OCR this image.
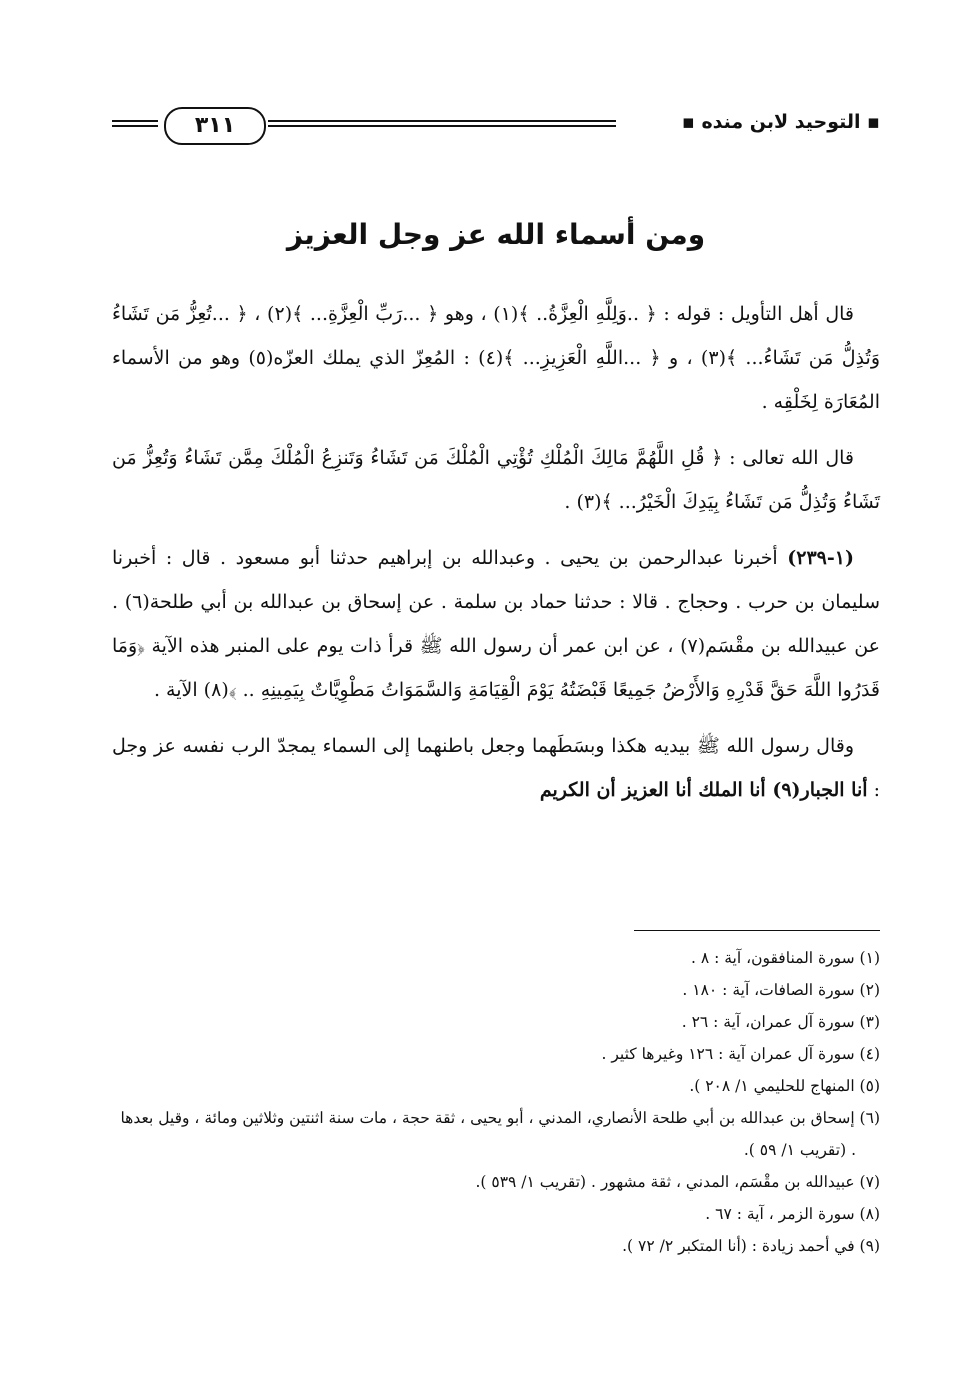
٣١١	▪ التوحيد لابن منده ▪
ومن أسماء الله عز وجل العزيز

قال أهل التأويل : قوله : ﴿ ..وَلِلَّهِ الْعِزَّةُ.. ﴾(١) ، وهو ﴿ ...رَبِّ الْعِزَّةِ... ﴾(٢) ، ﴿ ...تُعِزُّ مَن تَشَاءُ وَتُذِلُّ مَن تَشَاءُ... ﴾(٣) ، و ﴿ ...اللَّهِ الْعَزِيزِ... ﴾(٤) : المُعِزّ الذي يملك العزّه(٥) وهو من الأسماء المُعَارَة لِخَلْقِه .

قال الله تعالى : ﴿ قُلِ اللَّهُمَّ مَالِكَ الْمُلْكِ تُؤْتِي الْمُلْكَ مَن تَشَاءُ وَتَنزِعُ الْمُلْكَ مِمَّن تَشَاءُ وَتُعِزُّ مَن تَشَاءُ وَتُذِلُّ مَن تَشَاءُ بِيَدِكَ الْخَيْرُ... ﴾(٣) .

(١-٢٣٩) أخبرنا عبدالرحمن بن يحيى . وعبدالله بن إبراهيم حدثنا أبو مسعود . قال : أخبرنا سليمان بن حرب . وحجاج . قالا : حدثنا حماد بن سلمة . عن إسحاق بن عبدالله بن أبي طلحة(٦) . عن عبيدالله بن مقْسَم(٧) ، عن ابن عمر أن رسول الله ﷺ قرأ ذات يوم على المنبر هذه الآية ﴿وَمَا قَدَرُوا اللَّهَ حَقَّ قَدْرِهِ وَالأَرْضُ جَمِيعًا قَبْضَتُهُ يَوْمَ الْقِيَامَةِ وَالسَّمَوَاتُ مَطْوِيَّاتٌ بِيَمِينِهِ .. ﴾(٨) الآية .

وقال رسول الله ﷺ بيديه هكذا وبسَطَهما وجعل باطنهما إلى السماء يمجدّ الرب نفسه عز وجل : أنا الجبار(٩) أنا الملك أنا العزيز أن الكريم

(١) سورة المنافقون، آية : ٨ .

(٢) سورة الصافات، آية : ١٨٠ .

(٣) سورة آل عمران، آية : ٢٦ .

(٤) سورة آل عمران آية : ١٢٦ وغيرها كثير .

(٥) المنهاج للحليمي ١/ ٢٠٨ ).

(٦) إسحاق بن عبدالله بن أبي طلحة الأنصاري، المدني ، أبو يحيى ، ثقة حجة ، مات سنة اثنتين وثلاثين ومائة ، وقيل بعدها . (تقريب ١/ ٥٩ ).

(٧) عبيدالله بن مقْسَم، المدني ، ثقة مشهور . (تقريب ١/ ٥٣٩ ).

(٨) سورة الزمر ، آية : ٦٧ .

(٩) في أحمد زيادة : (أنا المتكبر ٢/ ٧٢ ).
